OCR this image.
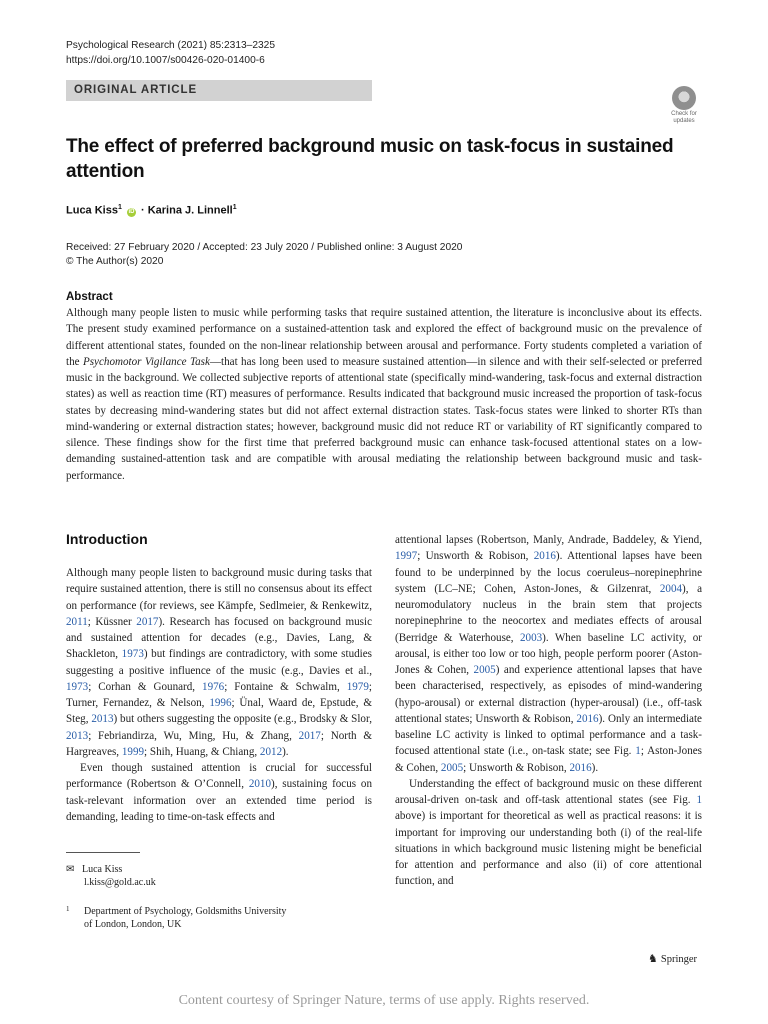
Psychological Research (2021) 85:2313–2325
https://doi.org/10.1007/s00426-020-01400-6
ORIGINAL ARTICLE
Check for
updates
The effect of preferred background music on task-focus in sustained attention
Luca Kiss$^1$ iD · Karina J. Linnell$^1$
Received: 27 February 2020 / Accepted: 23 July 2020 / Published online: 3 August 2020
© The Author(s) 2020
Abstract
Although many people listen to music while performing tasks that require sustained attention, the literature is inconclusive about its effects. The present study examined performance on a sustained-attention task and explored the effect of background music on the prevalence of different attentional states, founded on the non-linear relationship between arousal and performance. Forty students completed a variation of the Psychomotor Vigilance Task—that has long been used to measure sustained attention—in silence and with their self-selected or preferred music in the background. We collected subjective reports of attentional state (specifically mind-wandering, task-focus and external distraction states) as well as reaction time (RT) measures of performance. Results indicated that background music increased the proportion of task-focus states by decreasing mind-wandering states but did not affect external distraction states. Task-focus states were linked to shorter RTs than mind-wandering or external distraction states; however, background music did not reduce RT or variability of RT significantly compared to silence. These findings show for the first time that preferred background music can enhance task-focused attentional states on a low-demanding sustained-attention task and are compatible with arousal mediating the relationship between background music and task-performance.
Introduction

Although many people listen to background music during tasks that require sustained attention, there is still no consensus about its effect on performance (for reviews, see Kämpfe, Sedlmeier, & Renkewitz, 2011; Küssner 2017). Research has focused on background music and sustained attention for decades (e.g., Davies, Lang, & Shackleton, 1973) but findings are contradictory, with some studies suggesting a positive influence of the music (e.g., Davies et al., 1973; Corhan & Gounard, 1976; Fontaine & Schwalm, 1979; Turner, Fernandez, & Nelson, 1996; Ünal, Waard de, Epstude, & Steg, 2013) but others suggesting the opposite (e.g., Brodsky & Slor, 2013; Febriandirza, Wu, Ming, Hu, & Zhang, 2017; North & Hargreaves, 1999; Shih, Huang, & Chiang, 2012).

Even though sustained attention is crucial for successful performance (Robertson & O’Connell, 2010), sustaining focus on task-relevant information over an extended time period is demanding, leading to time-on-task effects and

attentional lapses (Robertson, Manly, Andrade, Baddeley, & Yiend, 1997; Unsworth & Robison, 2016). Attentional lapses have been found to be underpinned by the locus coeruleus–norepinephrine system (LC–NE; Cohen, Aston-Jones, & Gilzenrat, 2004), a neuromodulatory nucleus in the brain stem that projects norepinephrine to the neocortex and mediates effects of arousal (Berridge & Waterhouse, 2003). When baseline LC activity, or arousal, is either too low or too high, people perform poorer (Aston-Jones & Cohen, 2005) and experience attentional lapses that have been characterised, respectively, as episodes of mind-wandering (hypo-arousal) or external distraction (hyper-arousal) (i.e., off-task attentional states; Unsworth & Robison, 2016). Only an intermediate baseline LC activity is linked to optimal performance and a task-focused attentional state (i.e., on-task state; see Fig. 1; Aston-Jones & Cohen, 2005; Unsworth & Robison, 2016).

Understanding the effect of background music on these different arousal-driven on-task and off-task attentional states (see Fig. 1 above) is important for theoretical as well as practical reasons: it is important for improving our understanding both (i) of the real-life situations in which background music listening might be beneficial for attention and performance and also (ii) of core attentional function, and

✉ Luca Kiss
l.kiss@gold.ac.uk
1 Department of Psychology, Goldsmiths University
of London, London, UK
♞ Springer
Content courtesy of Springer Nature, terms of use apply. Rights reserved.
